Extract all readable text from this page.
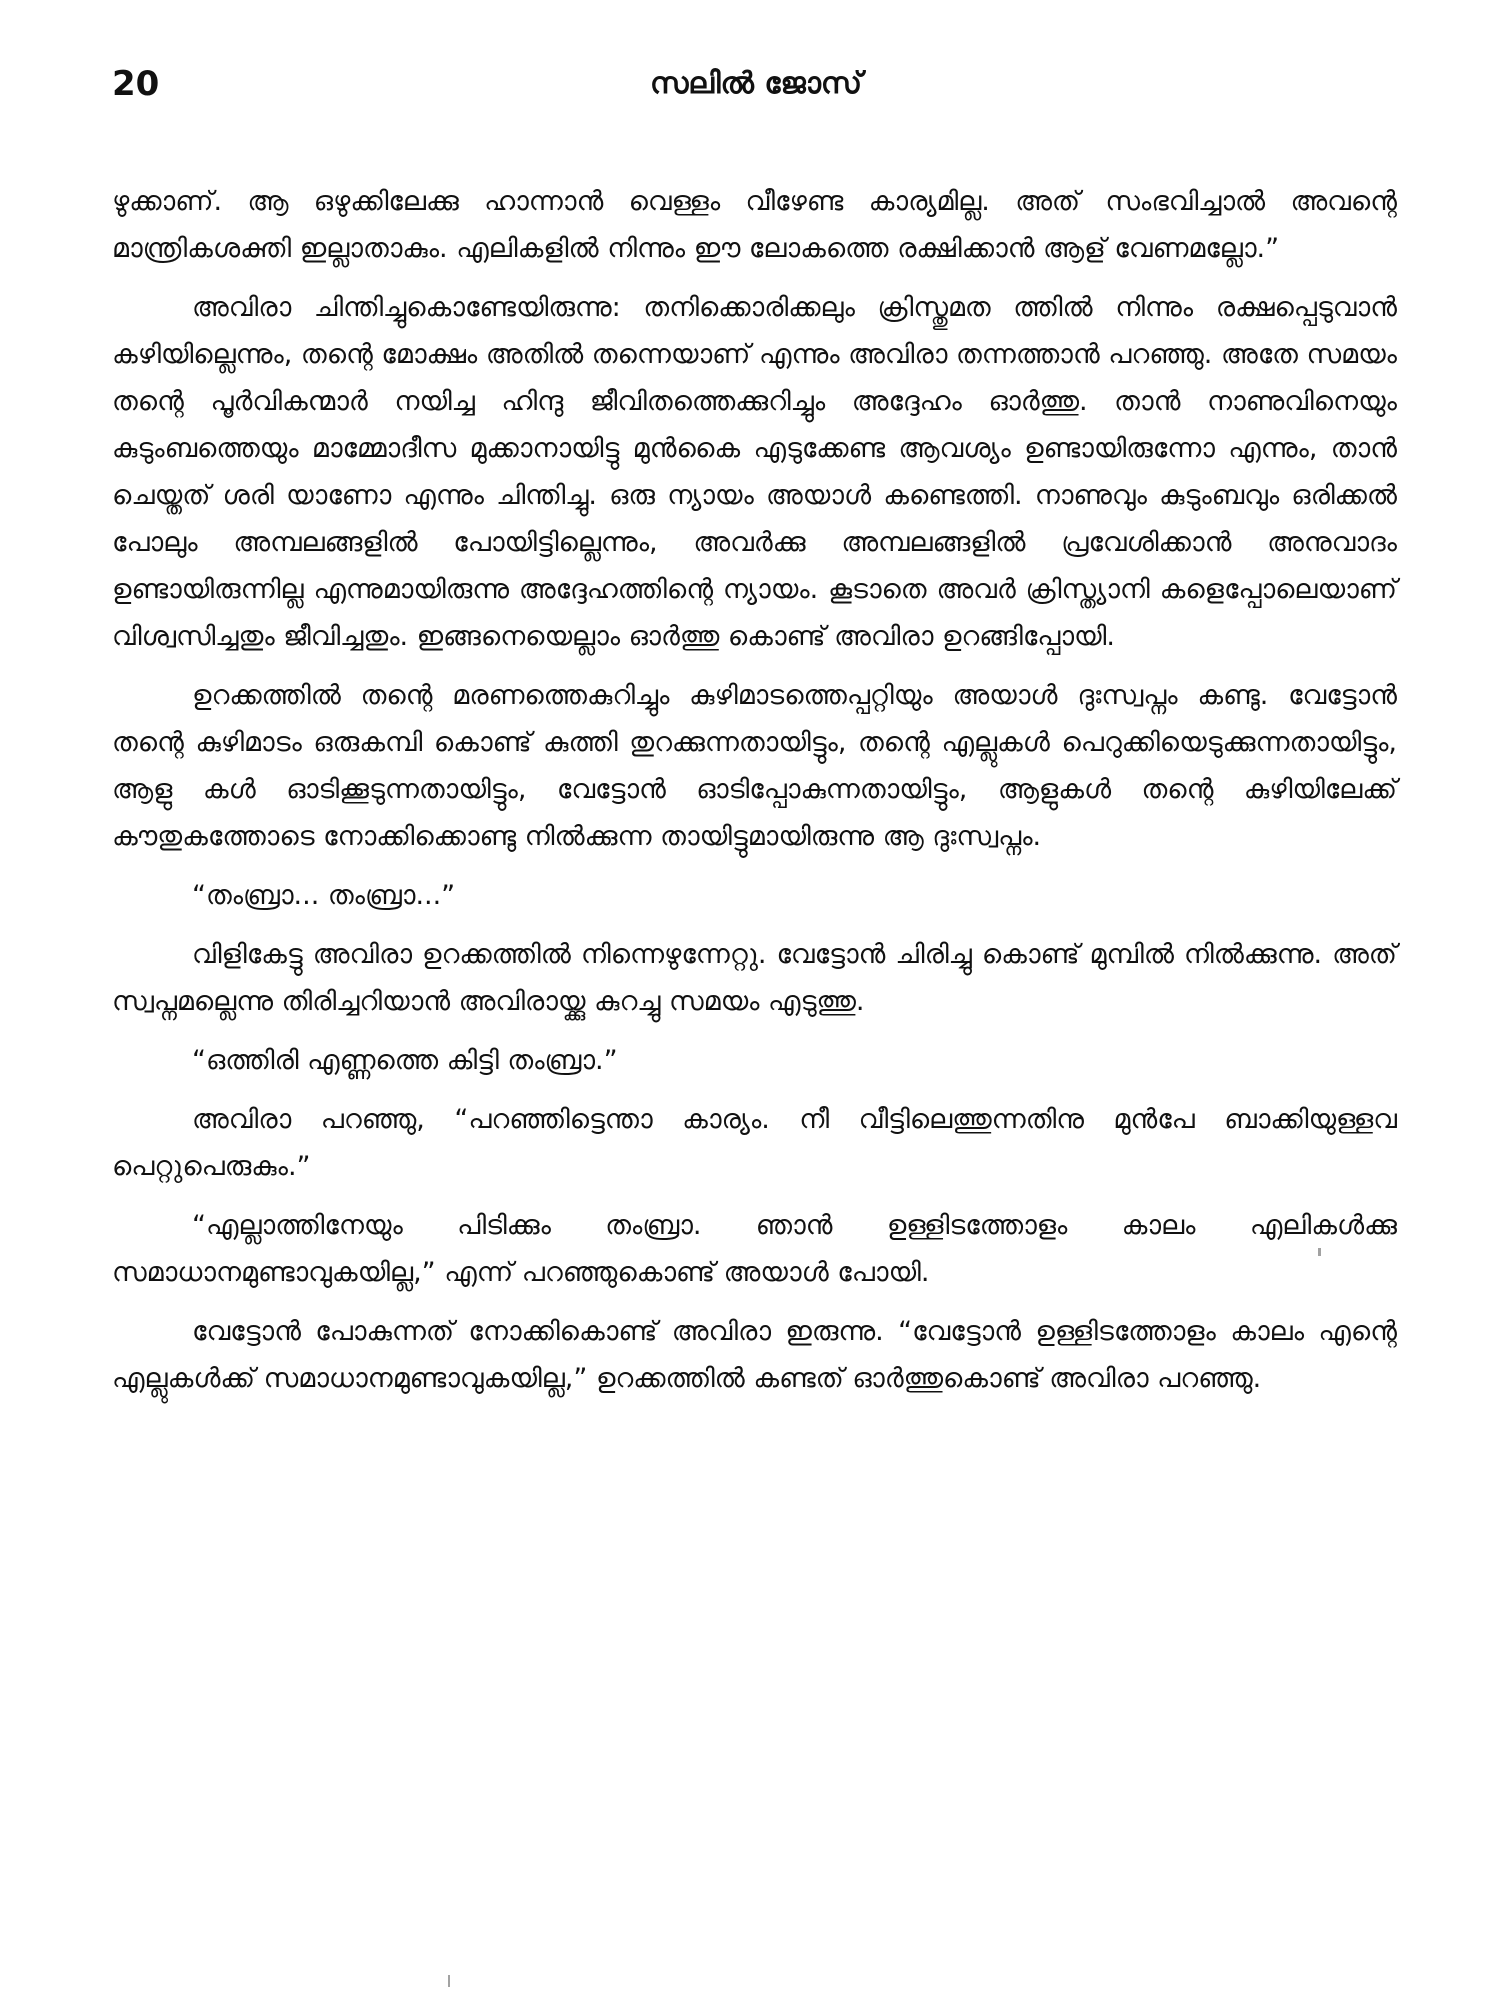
20	സലിൽ ജോസ്

ഴുക്കാണ്. ആ ഒഴുക്കിലേക്കു ഹാന്നാൻ വെള്ളം വീഴേണ്ട കാര്യമില്ല. അത് സംഭവിച്ചാൽ അവന്റെ മാന്ത്രികശക്തി ഇല്ലാതാകും. എലികളിൽ നിന്നും ഈ ലോകത്തെ രക്ഷിക്കാൻ ആള് വേണമല്ലോ.”

അവിരാ ചിന്തിച്ചുകൊണ്ടേയിരുന്നു: തനിക്കൊരിക്കലും ക്രിസ്തുമത ത്തിൽ നിന്നും രക്ഷപ്പെടുവാൻ കഴിയില്ലെന്നും, തന്റെ മോക്ഷം അതിൽ തന്നെയാണ് എന്നും അവിരാ തന്നത്താൻ പറഞ്ഞു. അതേ സമയം തന്റെ പൂർവികന്മാർ നയിച്ച ഹിന്ദു ജീവിതത്തെക്കുറിച്ചും അദ്ദേഹം ഓർത്തു. താൻ നാണുവിനെയും കുടുംബത്തെയും മാമ്മോദീസ മുക്കാനായിട്ടു മുൻകൈ എടുക്കേണ്ട ആവശ്യം ഉണ്ടായിരുന്നോ എന്നും, താൻ ചെയ്തത് ശരി യാണോ എന്നും ചിന്തിച്ചു. ഒരു ന്യായം അയാൾ കണ്ടെത്തി. നാണുവും കുടുംബവും ഒരിക്കൽ പോലും അമ്പലങ്ങളിൽ പോയിട്ടില്ലെന്നും, അവർക്കു അമ്പലങ്ങളിൽ പ്രവേശിക്കാൻ അനുവാദം ഉണ്ടായിരുന്നില്ല എന്നുമായിരുന്നു അദ്ദേഹത്തിന്റെ ന്യായം. കൂടാതെ അവർ ക്രിസ്ത്യാനി കളെപ്പോലെയാണ് വിശ്വസിച്ചതും ജീവിച്ചതും. ഇങ്ങനെയെല്ലാം ഓർത്തു കൊണ്ട് അവിരാ ഉറങ്ങിപ്പോയി.

ഉറക്കത്തിൽ തന്റെ മരണത്തെകുറിച്ചും കുഴിമാടത്തെപ്പറ്റിയും അയാൾ ദുഃസ്വപ്നം കണ്ടു. വേട്ടോൻ തന്റെ കുഴിമാടം ഒരുകമ്പി കൊണ്ട് കുത്തി തുറക്കുന്നതായിട്ടും, തന്റെ എല്ലുകൾ പെറുക്കിയെടുക്കുന്നതായിട്ടും, ആളു കൾ ഓടിക്കൂടുന്നതായിട്ടും, വേട്ടോൻ ഓടിപ്പോകുന്നതായിട്ടും, ആളുകൾ തന്റെ കുഴിയിലേക്ക് കൗതുകത്തോടെ നോക്കിക്കൊണ്ടു നിൽക്കുന്ന തായിട്ടുമായിരുന്നു ആ ദുഃസ്വപ്നം.

“തംബ്രാ... തംബ്രാ...”

വിളികേട്ടു അവിരാ ഉറക്കത്തിൽ നിന്നെഴുന്നേറ്റു. വേട്ടോൻ ചിരിച്ചു കൊണ്ട് മുമ്പിൽ നിൽക്കുന്നു. അത് സ്വപ്നമല്ലെന്നു തിരിച്ചറിയാൻ അവിരായ്ക്കു കുറച്ചു സമയം എടുത്തു.

“ഒത്തിരി എണ്ണത്തെ കിട്ടി തംബ്രാ.”

അവിരാ പറഞ്ഞു, “പറഞ്ഞിട്ടെന്താ കാര്യം. നീ വീട്ടിലെത്തുന്നതിനു മുൻപേ ബാക്കിയുള്ളവ പെറ്റുപെരുകും.”

“എല്ലാത്തിനേയും പിടിക്കും തംബ്രാ. ഞാൻ ഉള്ളിടത്തോളം കാലം എലികൾക്കു സമാധാനമുണ്ടാവുകയില്ല,” എന്ന് പറഞ്ഞുകൊണ്ട് അയാൾ പോയി.

വേട്ടോൻ പോകുന്നത് നോക്കികൊണ്ട് അവിരാ ഇരുന്നു. “വേട്ടോൻ ഉള്ളിടത്തോളം കാലം എന്റെ എല്ലുകൾക്ക് സമാധാനമുണ്ടാവുകയില്ല,” ഉറക്കത്തിൽ കണ്ടത് ഓർത്തുകൊണ്ട് അവിരാ പറഞ്ഞു.
